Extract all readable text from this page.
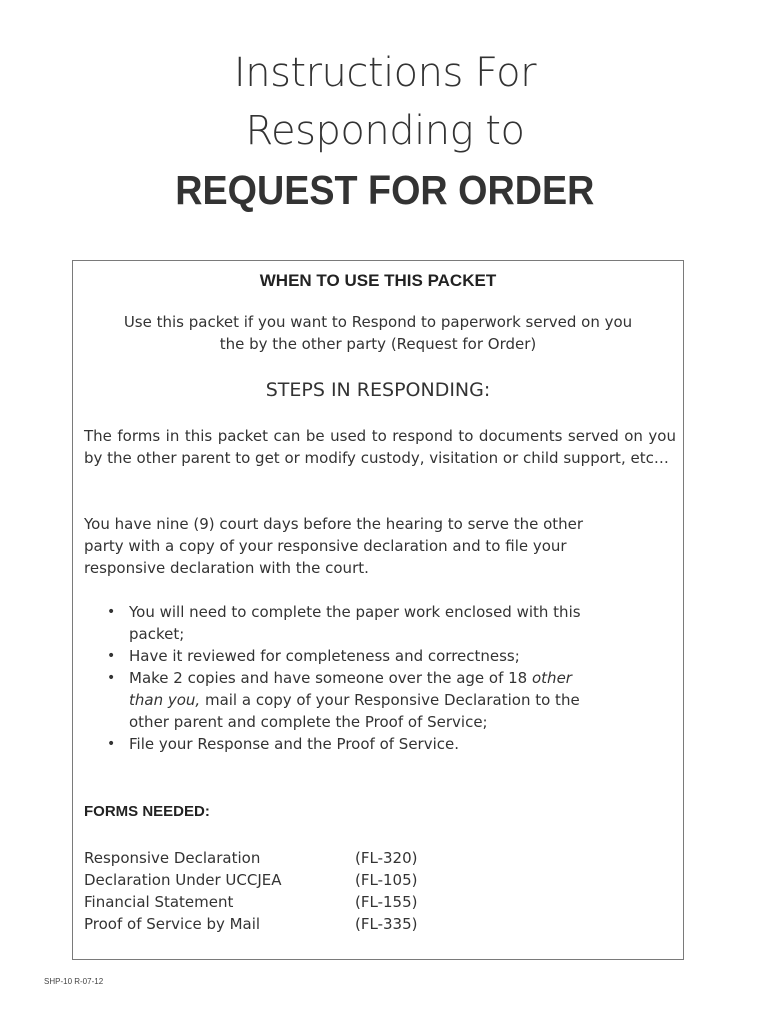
Instructions For
Responding to
REQUEST FOR ORDER
WHEN TO USE THIS PACKET
Use this packet if you want to Respond to paperwork served on you
the by the other party (Request for Order)
STEPS IN RESPONDING:
The forms in this packet can be used to respond to documents served on you by the other parent to get or modify custody, visitation or child support, etc…
You have nine (9) court days before the hearing to serve the other
party with a copy of your responsive declaration and to file your
responsive declaration with the court.
• You will need to complete the paper work enclosed with this
packet;
• Have it reviewed for completeness and correctness;
• Make 2 copies and have someone over the age of 18 other
than you, mail a copy of your Responsive Declaration to the
other parent and complete the Proof of Service;
• File your Response and the Proof of Service.
FORMS NEEDED:
Responsive Declaration	(FL-320)
Declaration Under UCCJEA	(FL-105)
Financial Statement	(FL-155)
Proof of Service by Mail	(FL-335)
SHP-10 R-07-12
